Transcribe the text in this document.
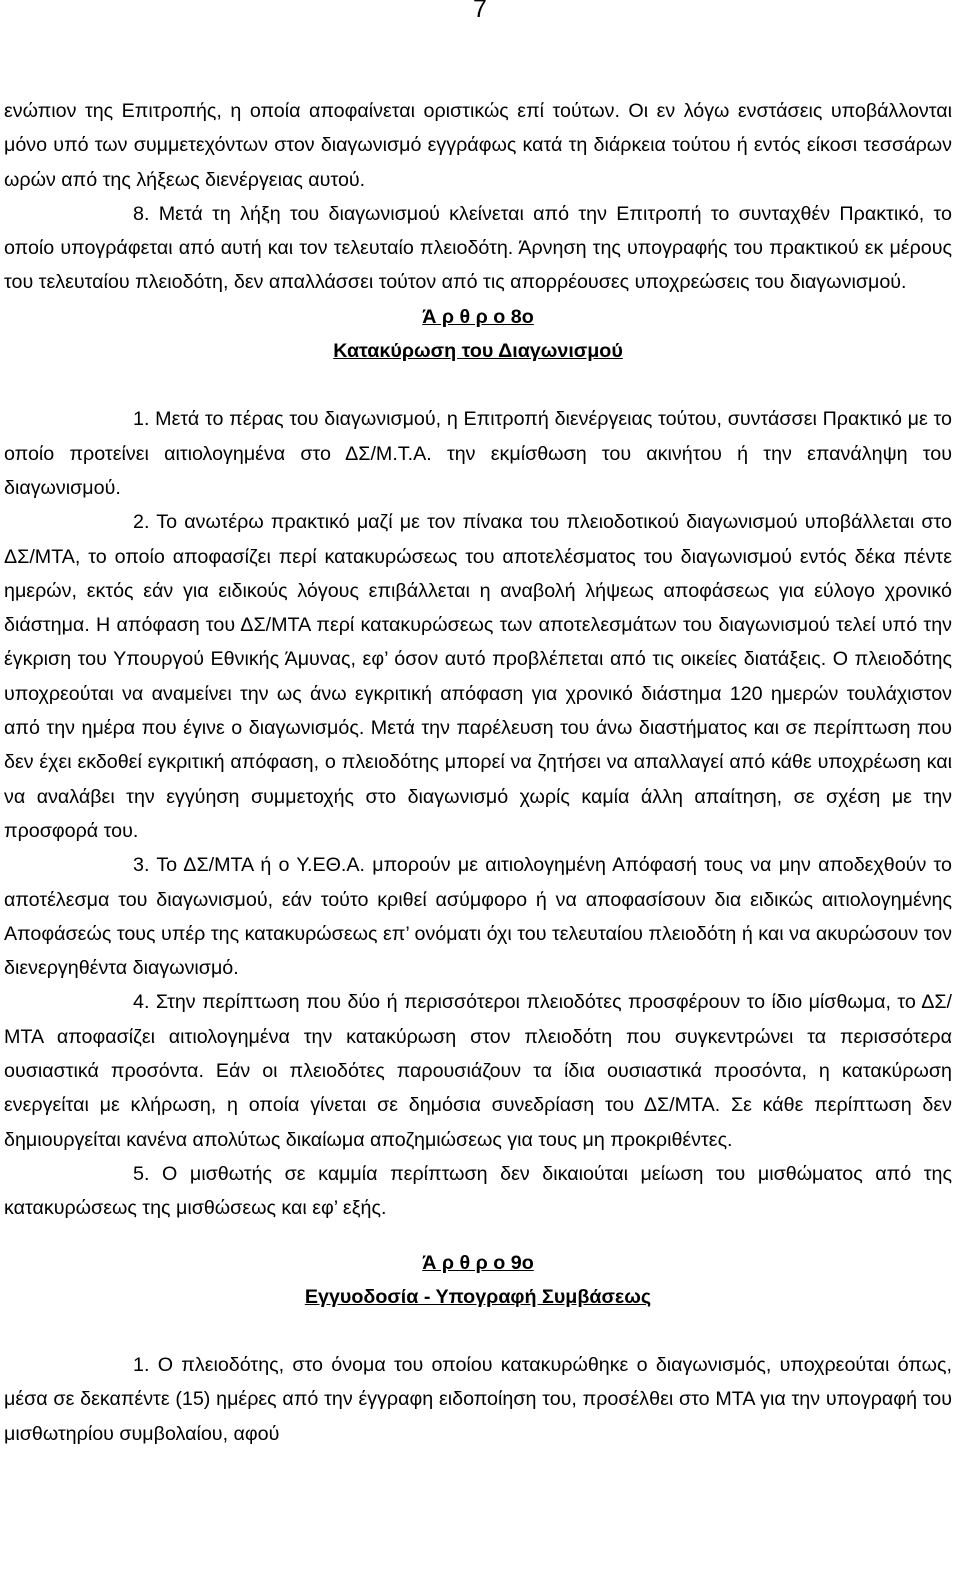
7

ενώπιον της Επιτροπής, η οποία αποφαίνεται οριστικώς επί τούτων. Οι εν λόγω ενστάσεις υποβάλλονται μόνο υπό των συμμετεχόντων στον διαγωνισμό εγγράφως κατά τη διάρκεια τούτου ή εντός είκοσι τεσσάρων ωρών από της λήξεως διενέργειας αυτού.

8. Μετά τη λήξη του διαγωνισμού κλείνεται από την Επιτροπή το συνταχθέν Πρακτικό, το οποίο υπογράφεται από αυτή και τον τελευταίο πλειοδότη. Άρνηση της υπογραφής του πρακτικού εκ μέρους του τελευταίου πλειοδότη, δεν απαλλάσσει τούτον από τις απορρέουσες υποχρεώσεις του διαγωνισμού.

Ά ρ θ ρ ο 8ο

Κατακύρωση του Διαγωνισμού

1. Μετά το πέρας του διαγωνισμού, η Επιτροπή διενέργειας τούτου, συντάσσει Πρακτικό με το οποίο προτείνει αιτιολογημένα στο ΔΣ/Μ.Τ.Α. την εκμίσθωση του ακινήτου ή την επανάληψη του διαγωνισμού.

2. Το ανωτέρω πρακτικό μαζί με τον πίνακα του πλειοδοτικού διαγωνισμού υποβάλλεται στο ΔΣ/ΜΤΑ, το οποίο αποφασίζει περί κατακυρώσεως του αποτελέσματος του διαγωνισμού εντός δέκα πέντε ημερών, εκτός εάν για ειδικούς λόγους επιβάλλεται η αναβολή λήψεως αποφάσεως για εύλογο χρονικό διάστημα. Η απόφαση του ΔΣ/ΜΤΑ περί κατακυρώσεως των αποτελεσμάτων του διαγωνισμού τελεί υπό την έγκριση του Υπουργού Εθνικής Άμυνας, εφ’ όσον αυτό προβλέπεται από τις οικείες διατάξεις. Ο πλειοδότης υποχρεούται να αναμείνει την ως άνω εγκριτική απόφαση για χρονικό διάστημα 120 ημερών τουλάχιστον από την ημέρα που έγινε ο διαγωνισμός. Μετά την παρέλευση του άνω διαστήματος και σε περίπτωση που δεν έχει εκδοθεί εγκριτική απόφαση, ο πλειοδότης μπορεί να ζητήσει να απαλλαγεί από κάθε υποχρέωση και να αναλάβει την εγγύηση συμμετοχής στο διαγωνισμό χωρίς καμία άλλη απαίτηση, σε σχέση με την προσφορά του.

3. Το ΔΣ/ΜΤΑ ή ο Υ.ΕΘ.Α. μπορούν με αιτιολογημένη Απόφασή τους να μην αποδεχθούν το αποτέλεσμα του διαγωνισμού, εάν τούτο κριθεί ασύμφορο ή να αποφασίσουν δια ειδικώς αιτιολογημένης Αποφάσεώς τους υπέρ της κατακυρώσεως επ’ ονόματι όχι του τελευταίου πλειοδότη ή και να ακυρώσουν τον διενεργηθέντα διαγωνισμό.

4. Στην περίπτωση που δύο ή περισσότεροι πλειοδότες προσφέρουν το ίδιο μίσθωμα, το ΔΣ/ΜΤΑ αποφασίζει αιτιολογημένα την κατακύρωση στον πλειοδότη που συγκεντρώνει τα περισσότερα ουσιαστικά προσόντα. Εάν οι πλειοδότες παρουσιάζουν τα ίδια ουσιαστικά προσόντα, η κατακύρωση ενεργείται με κλήρωση, η οποία γίνεται σε δημόσια συνεδρίαση του ΔΣ/ΜΤΑ. Σε κάθε περίπτωση δεν δημιουργείται κανένα απολύτως δικαίωμα αποζημιώσεως για τους μη προκριθέντες.

5. Ο μισθωτής σε καμμία περίπτωση δεν δικαιούται μείωση του μισθώματος από της κατακυρώσεως της μισθώσεως και εφ’ εξής.

Ά ρ θ ρ ο 9ο

Εγγυοδοσία - Υπογραφή Συμβάσεως

1. Ο πλειοδότης, στο όνομα του οποίου κατακυρώθηκε ο διαγωνισμός, υποχρεούται όπως, μέσα σε δεκαπέντε (15) ημέρες από την έγγραφη ειδοποίηση του, προσέλθει στο ΜΤΑ για την υπογραφή του μισθωτηρίου συμβολαίου, αφού
